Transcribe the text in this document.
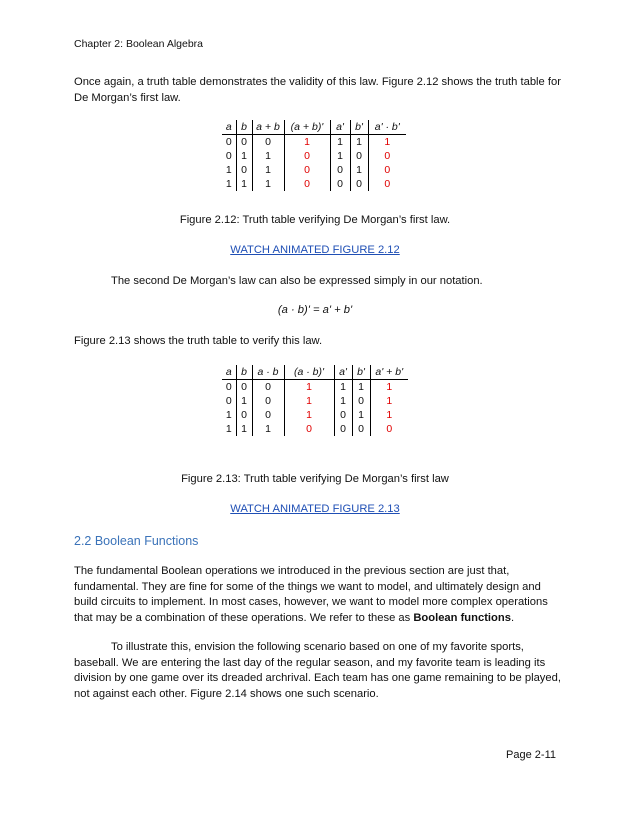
Chapter 2: Boolean Algebra

Once again, a truth table demonstrates the validity of this law. Figure 2.12 shows the truth table for De Morgan’s first law.

a	b	a + b	(a + b)'	a'	b'	a' · b'
0	0	0	1	1	1	1
0	1	1	0	1	0	0
1	0	1	0	0	1	0
1	1	1	0	0	0	0
Figure 2.12: Truth table verifying De Morgan’s first law.
WATCH ANIMATED FIGURE 2.12

The second De Morgan’s law can also be expressed simply in our notation.

(a · b)' = a' + b'

Figure 2.13 shows the truth table to verify this law.

a	b	a · b	(a · b)'	a'	b'	a' + b'
0	0	0	1	1	1	1
0	1	0	1	1	0	1
1	0	0	1	0	1	1
1	1	1	0	0	0	0
Figure 2.13: Truth table verifying De Morgan’s first law
WATCH ANIMATED FIGURE 2.13
2.2 Boolean Functions

The fundamental Boolean operations we introduced in the previous section are just that, fundamental. They are fine for some of the things we want to model, and ultimately design and build circuits to implement. In most cases, however, we want to model more complex operations that may be a combination of these operations. We refer to these as Boolean functions.

To illustrate this, envision the following scenario based on one of my favorite sports, baseball. We are entering the last day of the regular season, and my favorite team is leading its division by one game over its dreaded archrival. Each team has one game remaining to be played, not against each other. Figure 2.14 shows one such scenario.

Page 2-11
